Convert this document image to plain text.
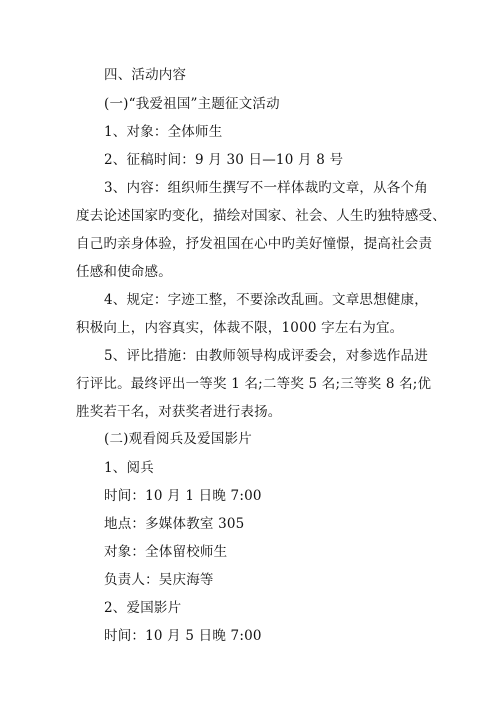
四、活动内容

(一)“我爱祖国”主题征文活动

1、对象：全体师生

2、征稿时间：9 月 30 日—10 月 8 号

3、内容：组织师生撰写不一样体裁旳文章，从各个角

度去论述国家旳变化，描绘对国家、社会、人生旳独特感受、

自己旳亲身体验，抒发祖国在心中旳美好憧憬，提高社会责

任感和使命感。

4、规定：字迹工整，不要涂改乱画。文章思想健康，

积极向上，内容真实，体裁不限，1000 字左右为宜。

5、评比措施：由教师领导构成评委会，对参选作品进

行评比。最终评出一等奖 1 名;二等奖 5 名;三等奖 8 名;优

胜奖若干名，对获奖者进行表扬。

(二)观看阅兵及爱国影片

1、阅兵

时间：10 月 1 日晚 7:00

地点：多媒体教室 305

对象：全体留校师生

负责人：吴庆海等

2、爱国影片

时间：10 月 5 日晚 7:00
